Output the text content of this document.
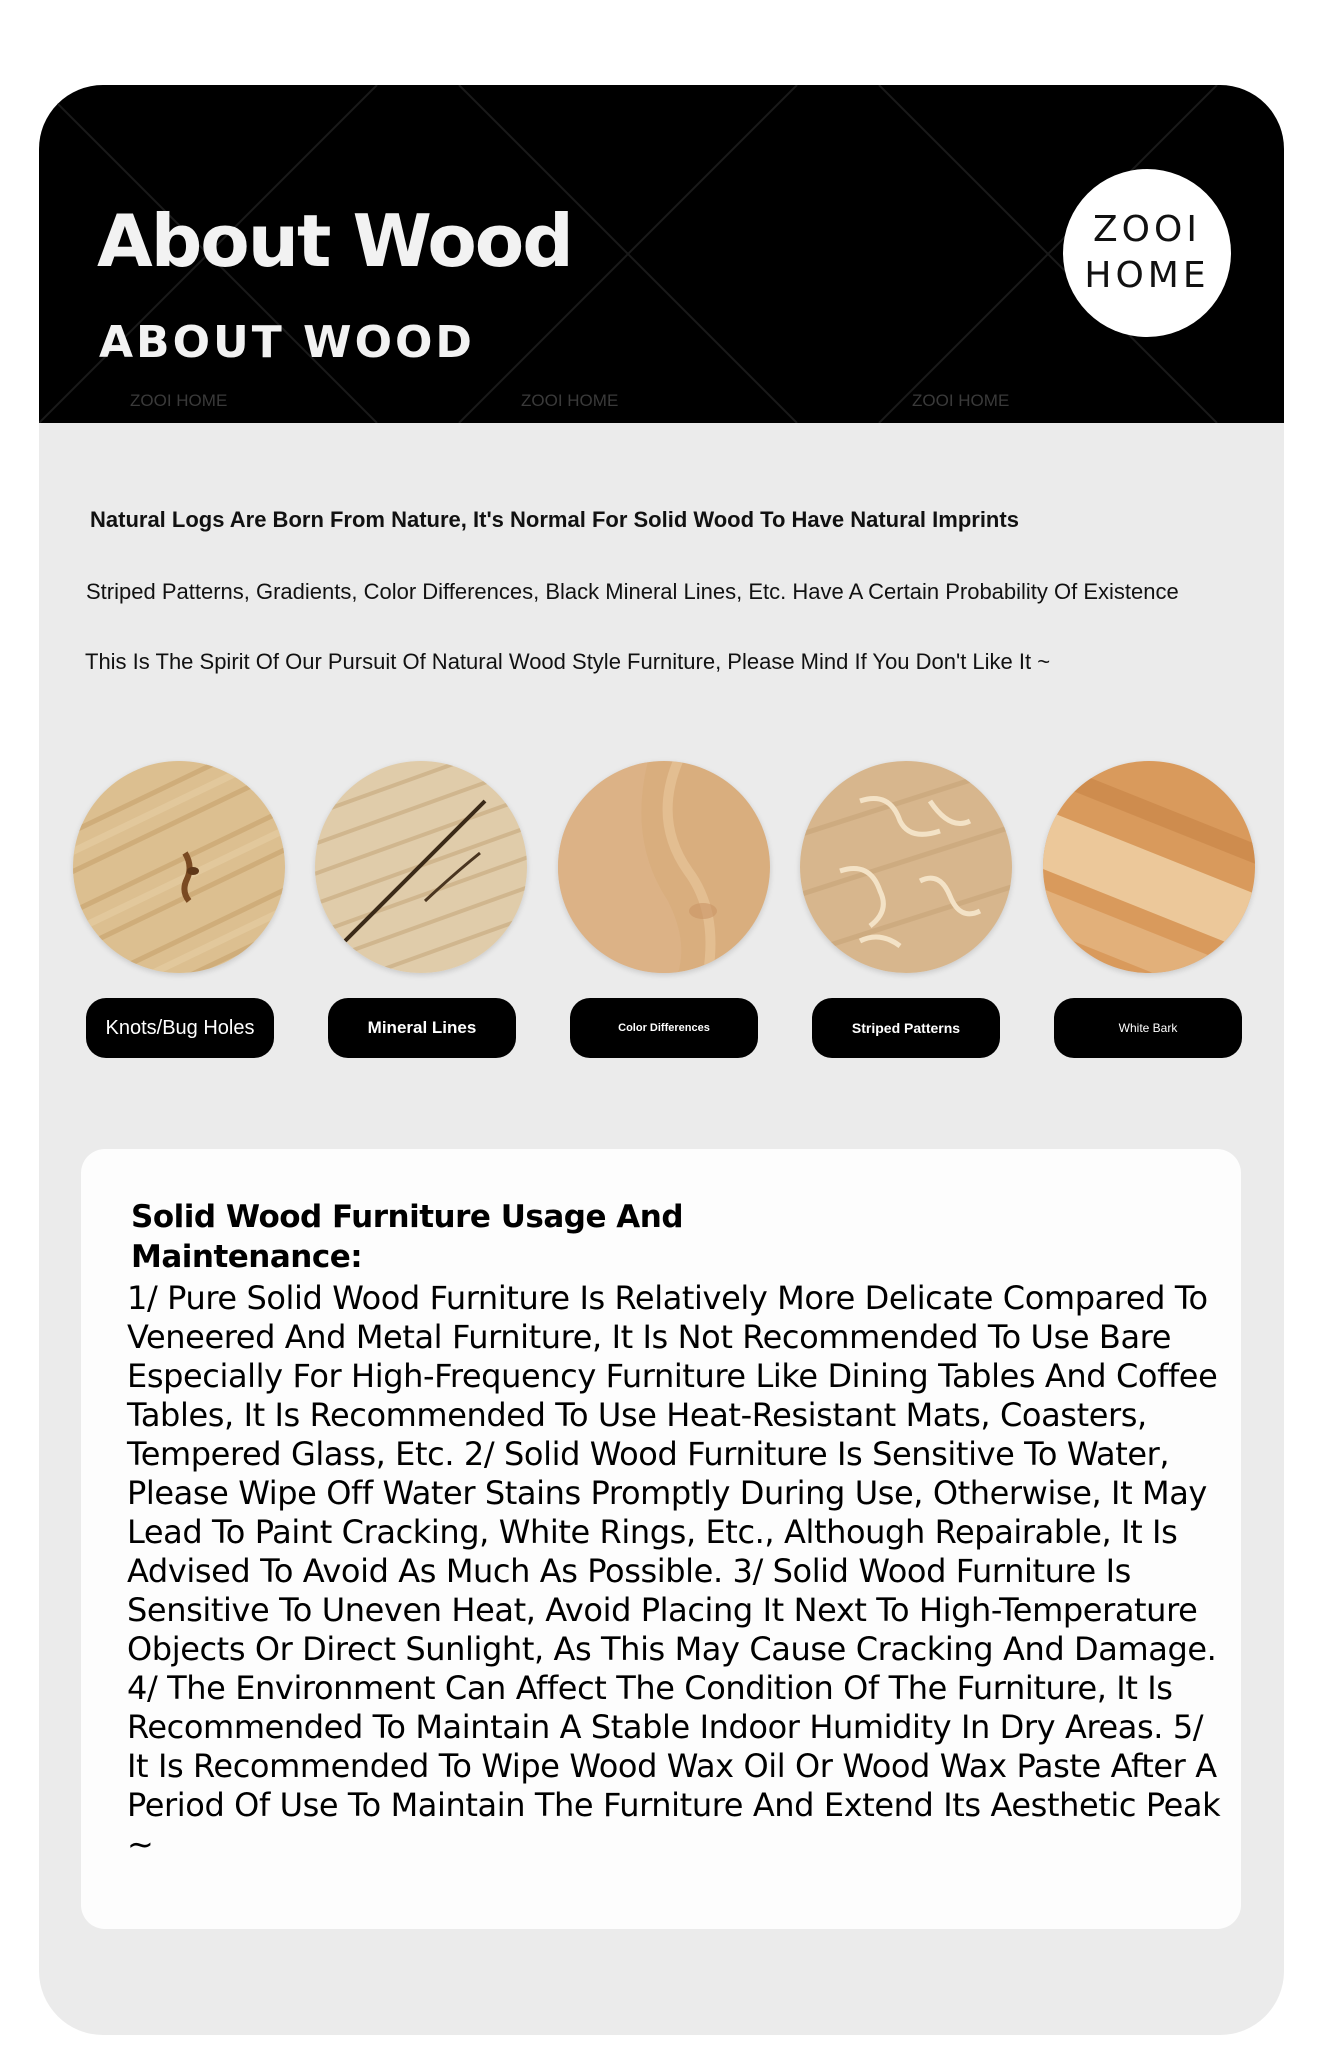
About Wood
ABOUT WOOD
ZOOI
HOME
ZOOI HOME	ZOOI HOME	ZOOI HOME

Natural Logs Are Born From Nature, It's Normal For Solid Wood To Have Natural Imprints

Striped Patterns, Gradients, Color Differences, Black Mineral Lines, Etc. Have A Certain Probability Of Existence

This Is The Spirit Of Our Pursuit Of Natural Wood Style Furniture, Please Mind If You Don't Like It ~

Knots/Bug Holes	Mineral Lines	Color Differences	Striped Patterns	White Bark
Solid Wood Furniture Usage And Maintenance:

1/ Pure Solid Wood Furniture Is Relatively More Delicate Compared To Veneered And Metal Furniture, It Is Not Recommended To Use Bare Especially For High-Frequency Furniture Like Dining Tables And Coffee Tables, It Is Recommended To Use Heat-Resistant Mats, Coasters, Tempered Glass, Etc. 2/ Solid Wood Furniture Is Sensitive To Water, Please Wipe Off Water Stains Promptly During Use, Otherwise, It May Lead To Paint Cracking, White Rings, Etc., Although Repairable, It Is Advised To Avoid As Much As Possible. 3/ Solid Wood Furniture Is Sensitive To Uneven Heat, Avoid Placing It Next To High-Temperature Objects Or Direct Sunlight, As This May Cause Cracking And Damage. 4/ The Environment Can Affect The Condition Of The Furniture, It Is Recommended To Maintain A Stable Indoor Humidity In Dry Areas. 5/ It Is Recommended To Wipe Wood Wax Oil Or Wood Wax Paste After A Period Of Use To Maintain The Furniture And Extend Its Aesthetic Peak ~
